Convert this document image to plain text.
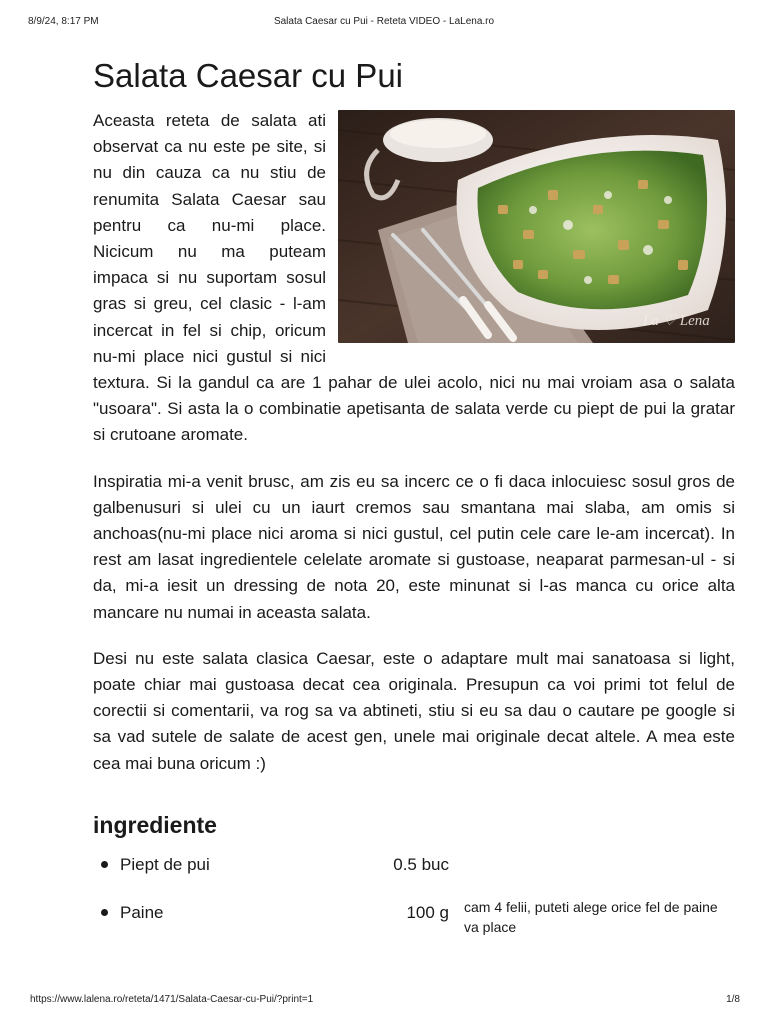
8/9/24, 8:17 PM	Salata Caesar cu Pui - Reteta VIDEO - LaLena.ro
Salata Caesar cu Pui
La ♡ Lena

Aceasta reteta de salata ati observat ca nu este pe site, si nu din cauza ca nu stiu de renumita Salata Caesar sau pentru ca nu-mi place. Nicicum nu ma puteam impaca si nu suportam sosul gras si greu, cel clasic - l-am incercat in fel si chip, oricum nu-mi place nici gustul si nici textura. Si la gandul ca are 1 pahar de ulei acolo, nici nu mai vroiam asa o salata "usoara". Si asta la o combinatie apetisanta de salata verde cu piept de pui la gratar si crutoane aromate.

Inspiratia mi-a venit brusc, am zis eu sa incerc ce o fi daca inlocuiesc sosul gros de galbenusuri si ulei cu un iaurt cremos sau smantana mai slaba, am omis si anchoas(nu-mi place nici aroma si nici gustul, cel putin cele care le-am incercat). In rest am lasat ingredientele celelate aromate si gustoase, neaparat parmesan-ul - si da, mi-a iesit un dressing de nota 20, este minunat si l-as manca cu orice alta mancare nu numai in aceasta salata.

Desi nu este salata clasica Caesar, este o adaptare mult mai sanatoasa si light, poate chiar mai gustoasa decat cea originala. Presupun ca voi primi tot felul de corectii si comentarii, va rog sa va abtineti, stiu si eu sa dau o cautare pe google si sa vad sutele de salate de acest gen, unele mai originale decat altele. A mea este cea mai buna oricum :)

ingrediente
Piept de pui	0.5 buc
Paine	100 g cam 4 felii, puteti alege orice fel de paine va place
https://www.lalena.ro/reteta/1471/Salata-Caesar-cu-Pui/?print=1	1/8
